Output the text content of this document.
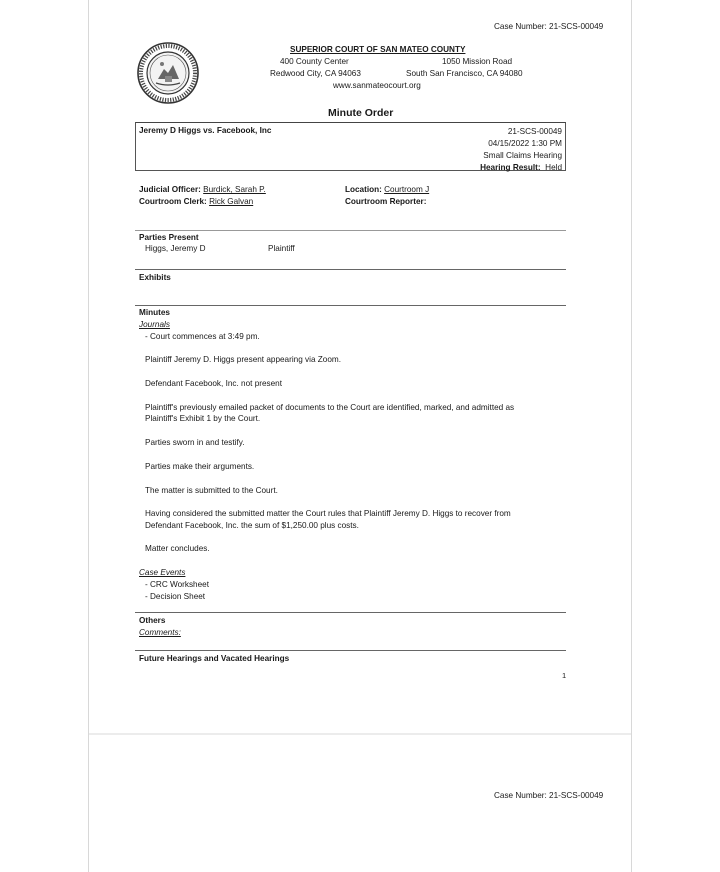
Case Number: 21-SCS-00049
SUPERIOR COURT OF SAN MATEO COUNTY
400 County Center
Redwood City, CA 94063
1050 Mission Road
South San Francisco, CA 94080
www.sanmateocourt.org
Minute Order
21-SCS-00049
04/15/2022 1:30 PM
Small Claims Hearing
Hearing Result: Held
Jeremy D Higgs vs. Facebook, Inc
Judicial Officer: Burdick, Sarah P.
Courtroom Clerk: Rick Galvan
Location: Courtroom J
Courtroom Reporter:
Parties Present
Higgs, Jeremy D	Plaintiff
Exhibits
Minutes
Journals
- Court commences at 3:49 pm.
Plaintiff Jeremy D. Higgs present appearing via Zoom.
Defendant Facebook, Inc. not present
Plaintiff's previously emailed packet of documents to the Court are identified, marked, and admitted as
Plaintiff's Exhibit 1 by the Court.
Parties sworn in and testify.
Parties make their arguments.
The matter is submitted to the Court.
Having considered the submitted matter the Court rules that Plaintiff Jeremy D. Higgs to recover from
Defendant Facebook, Inc. the sum of $1,250.00 plus costs.
Matter concludes.
Case Events
- CRC Worksheet
- Decision Sheet
Others
Comments:
Future Hearings and Vacated Hearings
1
Case Number: 21-SCS-00049
